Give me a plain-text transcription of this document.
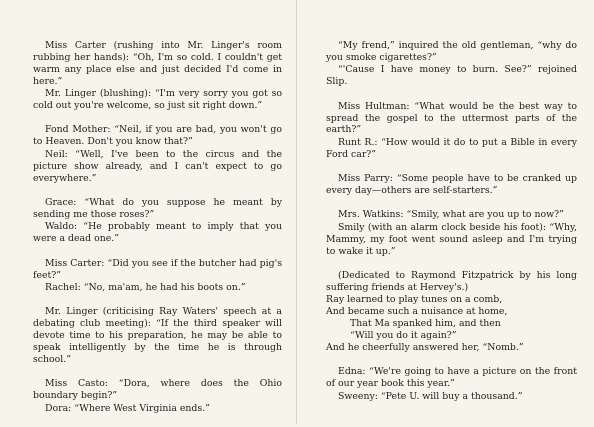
Miss Carter (rushing into Mr. Linger's room rubbing her hands): “Oh, I'm so cold. I couldn't get warm any place else and just decided I'd come in here.”

Mr. Linger (blushing): “I'm very sorry you got so cold out you're welcome, so just sit right down.”

Fond Mother: “Neil, if you are bad, you won't go to Heaven. Don't you know that?”

Neil: “Well, I've been to the circus and the picture show already, and I can't expect to go everywhere.”

Grace: “What do you suppose he meant by sending me those roses?”

Waldo: “He probably meant to imply that you were a dead one.”

Miss Carter: “Did you see if the butcher had pig's feet?”

Rachel: “No, ma'am, he had his boots on.”

Mr. Linger (criticising Ray Waters' speech at a debating club meeting): “If the third speaker will devote time to his preparation, he may be able to speak intelligently by the time he is through school.”

Miss Casto: “Dora, where does the Ohio boundary begin?”

Dora: “Where West Virginia ends.”

“My frend,” inquired the old gentleman, “why do you smoke cigarettes?”

“'Cause I have money to burn. See?” rejoined Slip.

Miss Hultman: “What would be the best way to spread the gospel to the uttermost parts of the earth?”

Runt R.: “How would it do to put a Bible in every Ford car?”

Miss Parry: “Some people have to be cranked up every day—others are self-starters.”

Mrs. Watkins: “Smily, what are you up to now?”

Smily (with an alarm clock beside his foot): “Why, Mammy, my foot went sound asleep and I'm trying to wake it up.”

(Dedicated to Raymond Fitzpatrick by his long suffering friends at Hervey's.)

Ray learned to play tunes on a comb,
And became such a nuisance at home,
That Ma spanked him, and then
“Will you do it again?”
And he cheerfully answered her, “Nomb.”

Edna: “We're going to have a picture on the front of our year book this year.”

Sweeny: “Pete U. will buy a thousand.”
